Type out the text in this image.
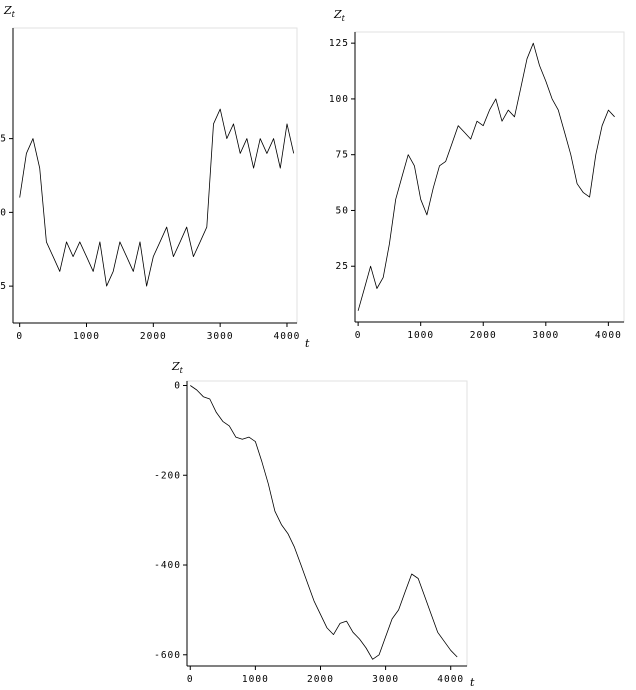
0	1000	2000	3000	4000
5
0
5
$Z_t$
t
0	1000	2000	3000	4000
25
50
75
100
125
$Z_t$
0	1000	2000	3000	4000
-600
-400
-200
0
$Z_t$
t
